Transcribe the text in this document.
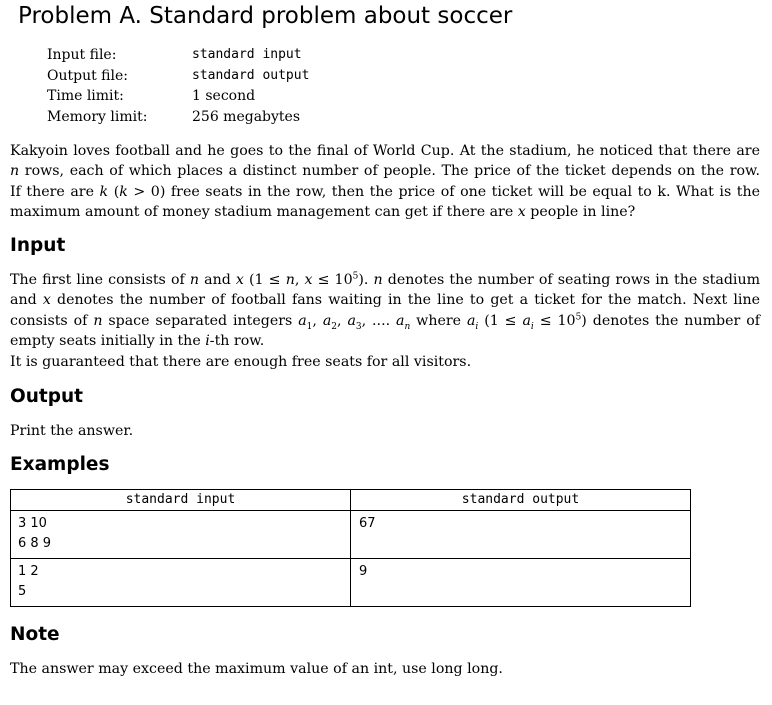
Problem A. Standard problem about soccer
Input file:	standard input
Output file:	standard output
Time limit:	1 second
Memory limit:	256 megabytes
Kakyoin loves football and he goes to the final of World Cup. At the stadium, he noticed that there are
n rows, each of which places a distinct number of people. The price of the ticket depends on the row.
If there are k (k > 0) free seats in the row, then the price of one ticket will be equal to k. What is the
maximum amount of money stadium management can get if there are x people in line?
Input
The first line consists of n and x (1 ≤ n, $x \le 10^5$). n denotes the number of seating rows in the stadium
and x denotes the number of football fans waiting in the line to get a ticket for the match. Next line
consists of n space separated integers $a_1$, $a_2$, $a_3$, .... $a_n$ where $a_i$ $(1 \le a_i \le 10^5)$ denotes the number of
empty seats initially in the i-th row.
It is guaranteed that there are enough free seats for all visitors.
Output
Print the answer.
Examples
standard input	standard output
3 10
6 8 9	67
1 2
5	9
Note
The answer may exceed the maximum value of an int, use long long.
